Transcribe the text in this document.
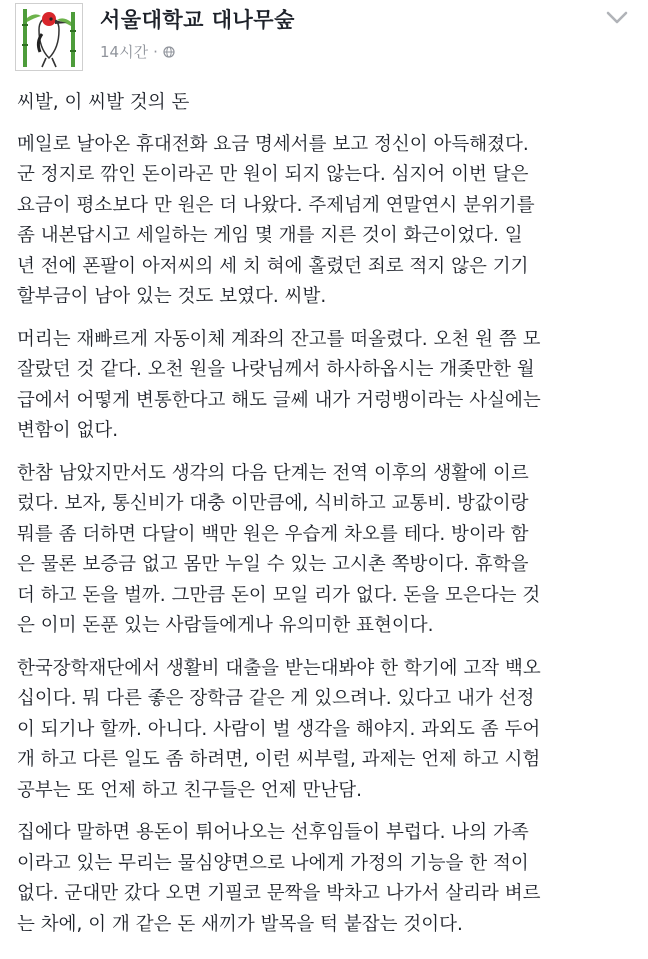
서울대학교 대나무숲
14시간 ·
씨발, 이 씨발 것의 돈
메일로 날아온 휴대전화 요금 명세서를 보고 정신이 아득해졌다.
군 정지로 깎인 돈이라곤 만 원이 되지 않는다. 심지어 이번 달은
요금이 평소보다 만 원은 더 나왔다. 주제넘게 연말연시 분위기를
좀 내본답시고 세일하는 게임 몇 개를 지른 것이 화근이었다. 일
년 전에 폰팔이 아저씨의 세 치 혀에 홀렸던 죄로 적지 않은 기기
할부금이 남아 있는 것도 보였다. 씨발.
머리는 재빠르게 자동이체 계좌의 잔고를 떠올렸다. 오천 원 쯤 모
잘랐던 것 같다. 오천 원을 나랏님께서 하사하옵시는 개좆만한 월
급에서 어떻게 변통한다고 해도 글쎄 내가 거렁뱅이라는 사실에는
변함이 없다.
한참 남았지만서도 생각의 다음 단계는 전역 이후의 생활에 이르
렀다. 보자, 통신비가 대충 이만큼에, 식비하고 교통비. 방값이랑
뭐를 좀 더하면 다달이 백만 원은 우습게 차오를 테다. 방이라 함
은 물론 보증금 없고 몸만 누일 수 있는 고시촌 쪽방이다. 휴학을
더 하고 돈을 벌까. 그만큼 돈이 모일 리가 없다. 돈을 모은다는 것
은 이미 돈푼 있는 사람들에게나 유의미한 표현이다.
한국장학재단에서 생활비 대출을 받는대봐야 한 학기에 고작 백오
십이다. 뭐 다른 좋은 장학금 같은 게 있으려나. 있다고 내가 선정
이 되기나 할까. 아니다. 사람이 벌 생각을 해야지. 과외도 좀 두어
개 하고 다른 일도 좀 하려면, 이런 씨부럴, 과제는 언제 하고 시험
공부는 또 언제 하고 친구들은 언제 만난담.
집에다 말하면 용돈이 튀어나오는 선후임들이 부럽다. 나의 가족
이라고 있는 무리는 물심양면으로 나에게 가정의 기능을 한 적이
없다. 군대만 갔다 오면 기필코 문짝을 박차고 나가서 살리라 벼르
는 차에, 이 개 같은 돈 새끼가 발목을 턱 붙잡는 것이다.
